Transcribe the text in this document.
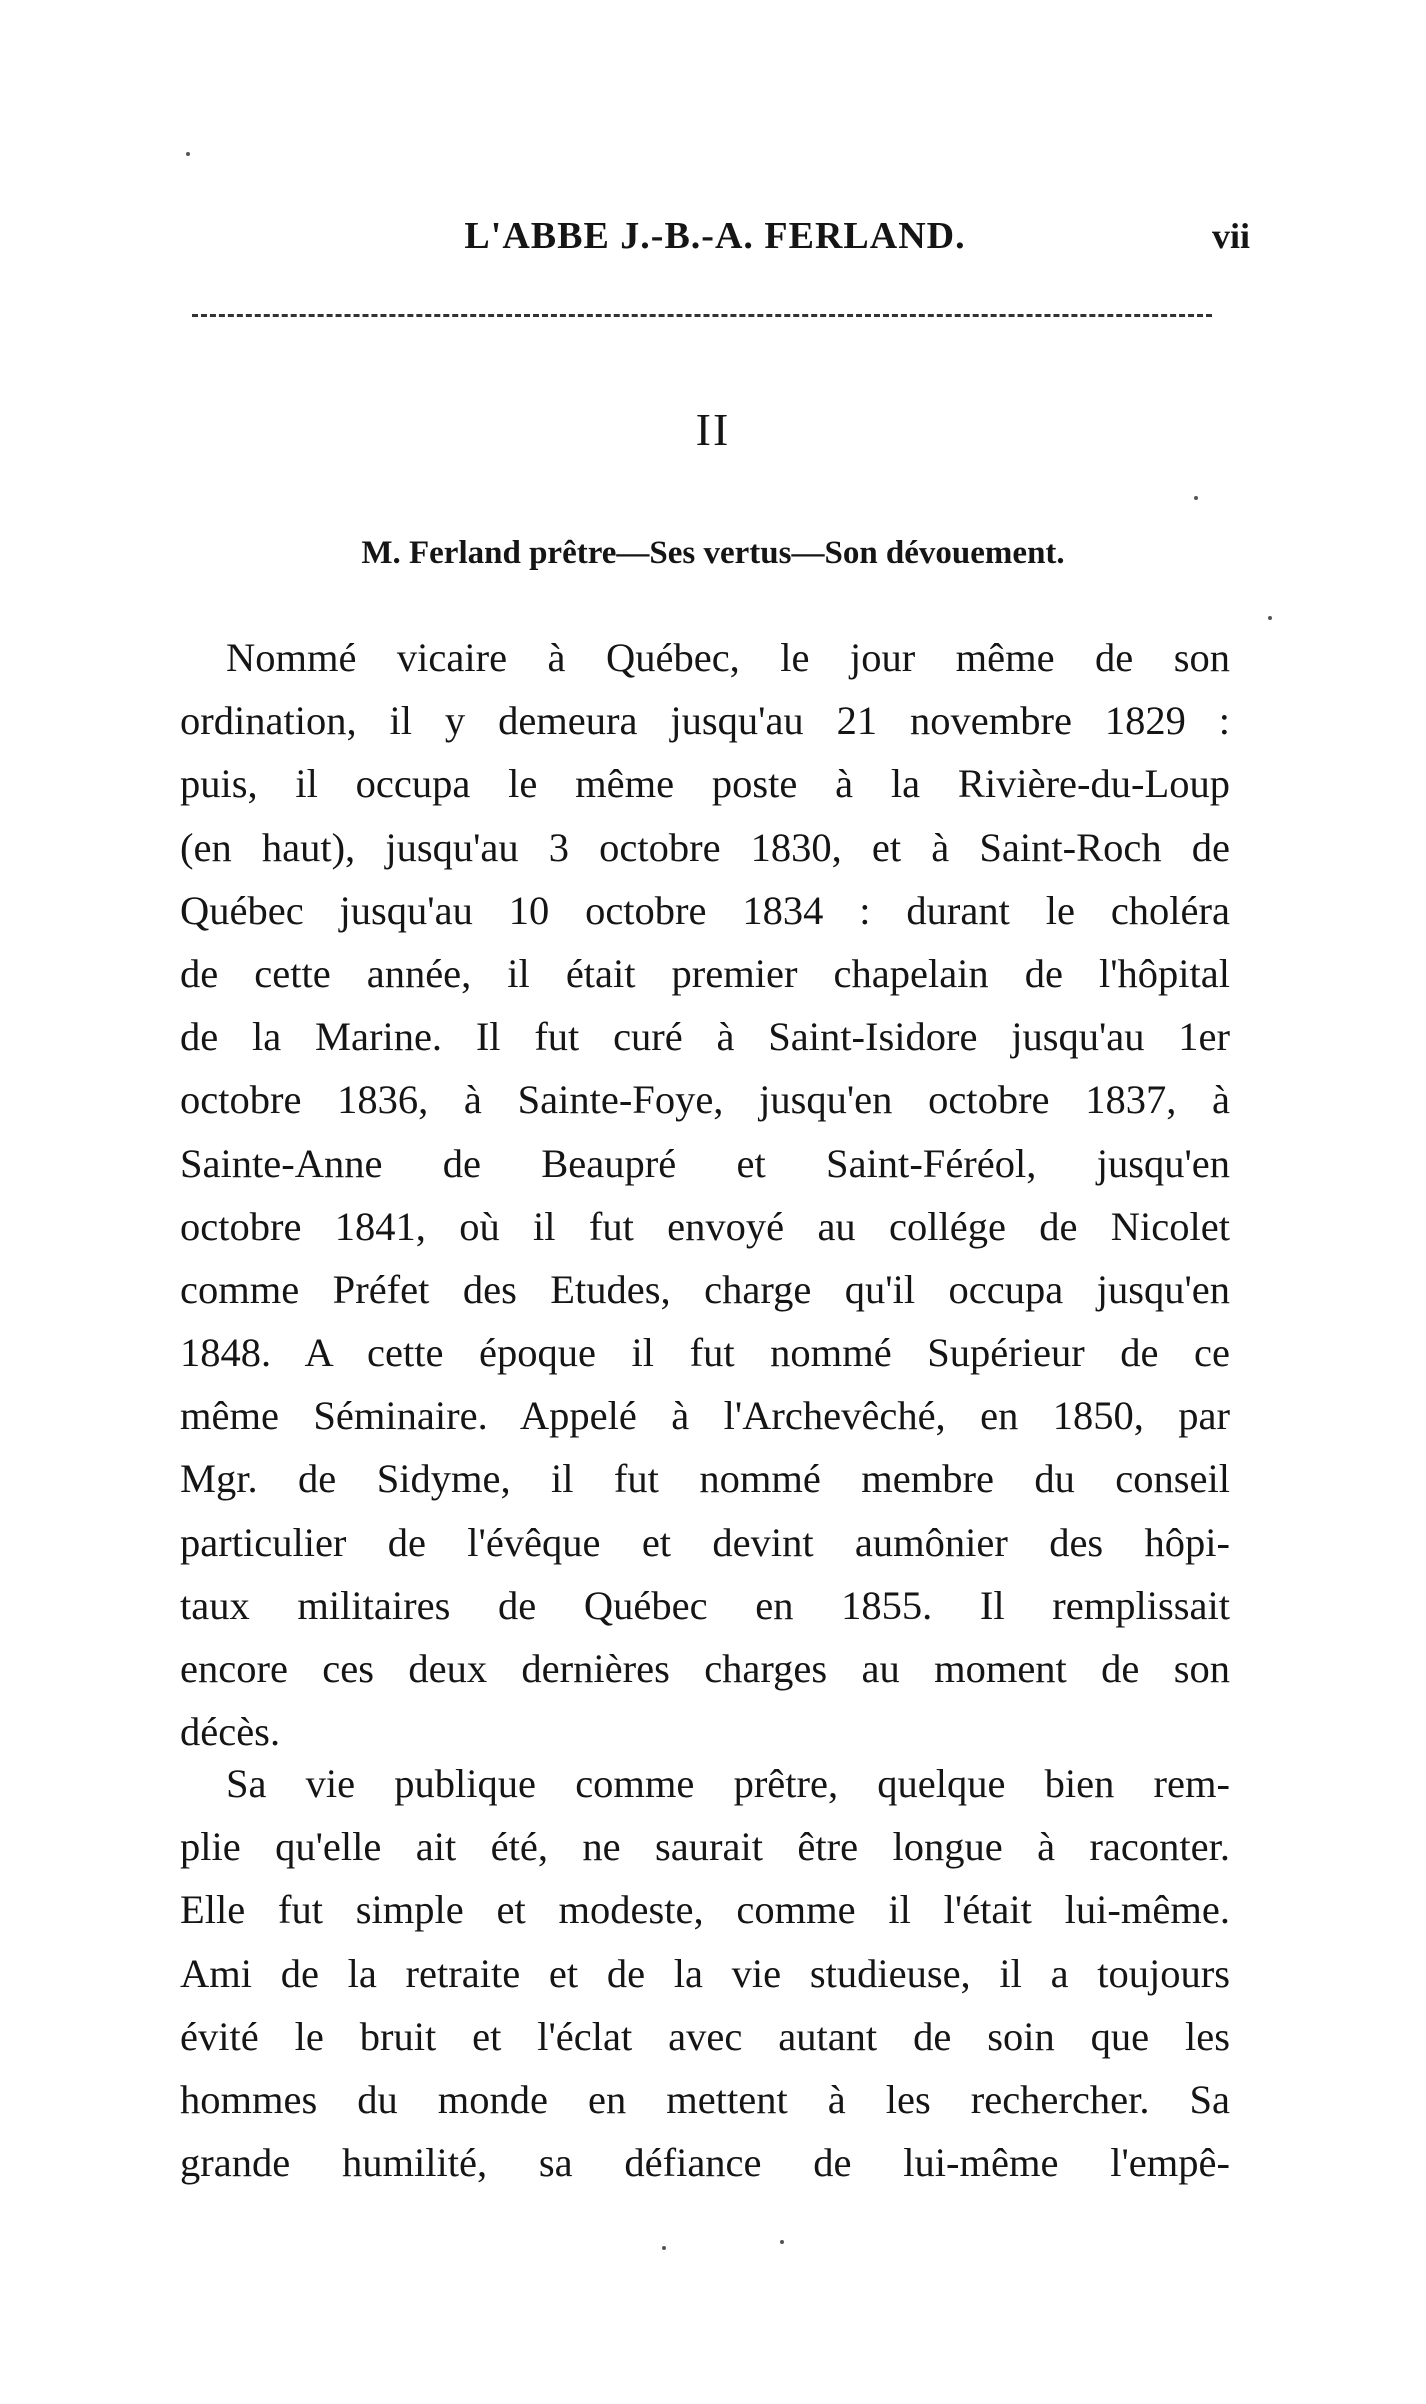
L'ABBE J.-B.-A. FERLAND.	vii
II
M. Ferland prêtre—Ses vertus—Son dévouement.
Nommé vicaire à Québec, le jour même de son
ordination, il y demeura jusqu'au 21 novembre 1829 :
puis, il occupa le même poste à la Rivière-du-Loup
(en haut), jusqu'au 3 octobre 1830, et à Saint-Roch de
Québec jusqu'au 10 octobre 1834 : durant le choléra
de cette année, il était premier chapelain de l'hôpital
de la Marine. Il fut curé à Saint-Isidore jusqu'au 1er
octobre 1836, à Sainte-Foye, jusqu'en octobre 1837, à
Sainte-Anne de Beaupré et Saint-Féréol, jusqu'en
octobre 1841, où il fut envoyé au collége de Nicolet
comme Préfet des Etudes, charge qu'il occupa jusqu'en
1848. A cette époque il fut nommé Supérieur de ce
même Séminaire. Appelé à l'Archevêché, en 1850, par
Mgr. de Sidyme, il fut nommé membre du conseil
particulier de l'évêque et devint aumônier des hôpi-
taux militaires de Québec en 1855. Il remplissait
encore ces deux dernières charges au moment de son
décès.
Sa vie publique comme prêtre, quelque bien rem-
plie qu'elle ait été, ne saurait être longue à raconter.
Elle fut simple et modeste, comme il l'était lui-même.
Ami de la retraite et de la vie studieuse, il a toujours
évité le bruit et l'éclat avec autant de soin que les
hommes du monde en mettent à les rechercher. Sa
grande humilité, sa défiance de lui-même l'empê-
